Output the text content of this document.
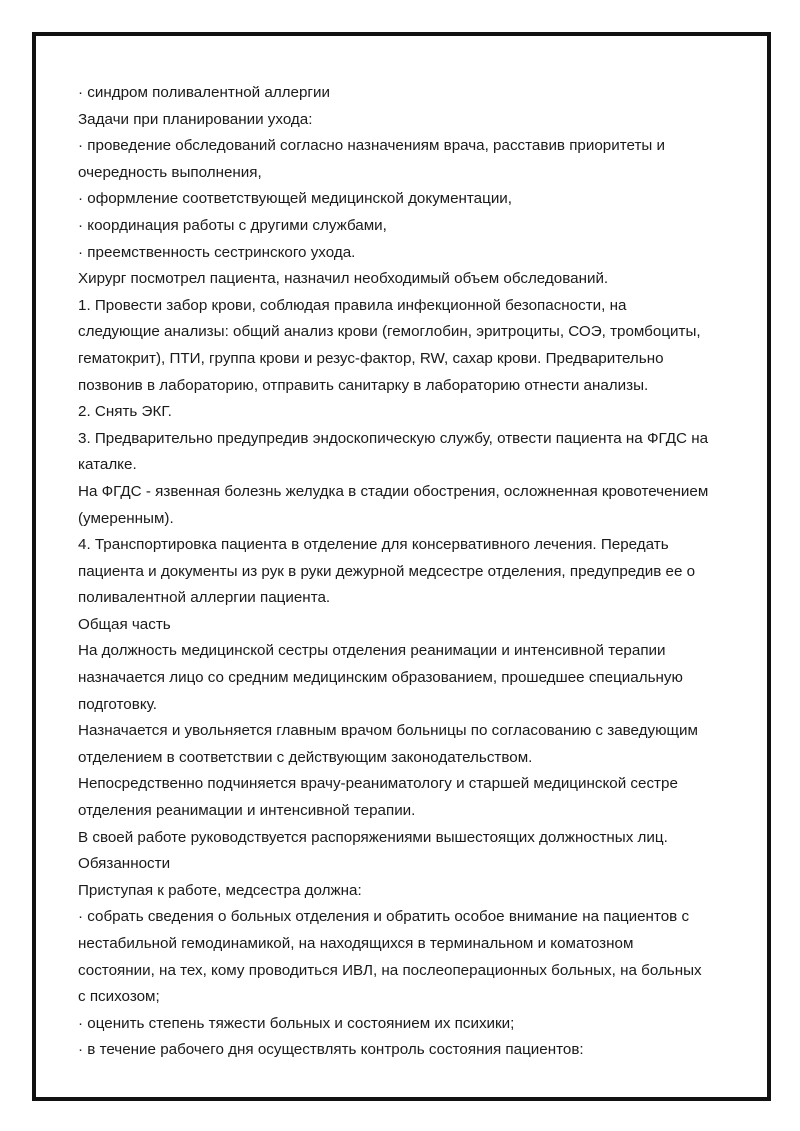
· синдром поливалентной аллергии
Задачи при планировании ухода:
· проведение обследований согласно назначениям врача, расставив приоритеты и
очередность выполнения,
· оформление соответствующей медицинской документации,
· координация работы с другими службами,
· преемственность сестринского ухода.
Хирург посмотрел пациента, назначил необходимый объем обследований.
1. Провести забор крови, соблюдая правила инфекционной безопасности, на
следующие анализы: общий анализ крови (гемоглобин, эритроциты, СОЭ, тромбоциты,
гематокрит), ПТИ, группа крови и резус-фактор, RW, сахар крови. Предварительно
позвонив в лабораторию, отправить санитарку в лабораторию отнести анализы.
2. Снять ЭКГ.
3. Предварительно предупредив эндоскопическую службу, отвести пациента на ФГДС на
каталке.
На ФГДС - язвенная болезнь желудка в стадии обострения, осложненная кровотечением
(умеренным).
4. Транспортировка пациента в отделение для консервативного лечения. Передать
пациента и документы из рук в руки дежурной медсестре отделения, предупредив ее о
поливалентной аллергии пациента.
Общая часть
На должность медицинской сестры отделения реанимации и интенсивной терапии
назначается лицо со средним медицинским образованием, прошедшее специальную
подготовку.
Назначается и увольняется главным врачом больницы по согласованию с заведующим
отделением в соответствии с действующим законодательством.
Непосредственно подчиняется врачу-реаниматологу и старшей медицинской сестре
отделения реанимации и интенсивной терапии.
В своей работе руководствуется распоряжениями вышестоящих должностных лиц.
Обязанности
Приступая к работе, медсестра должна:
· собрать сведения о больных отделения и обратить особое внимание на пациентов с
нестабильной гемодинамикой, на находящихся в терминальном и коматозном
состоянии, на тех, кому проводиться ИВЛ, на послеоперационных больных, на больных
с психозом;
· оценить степень тяжести больных и состоянием их психики;
· в течение рабочего дня осуществлять контроль состояния пациентов:
